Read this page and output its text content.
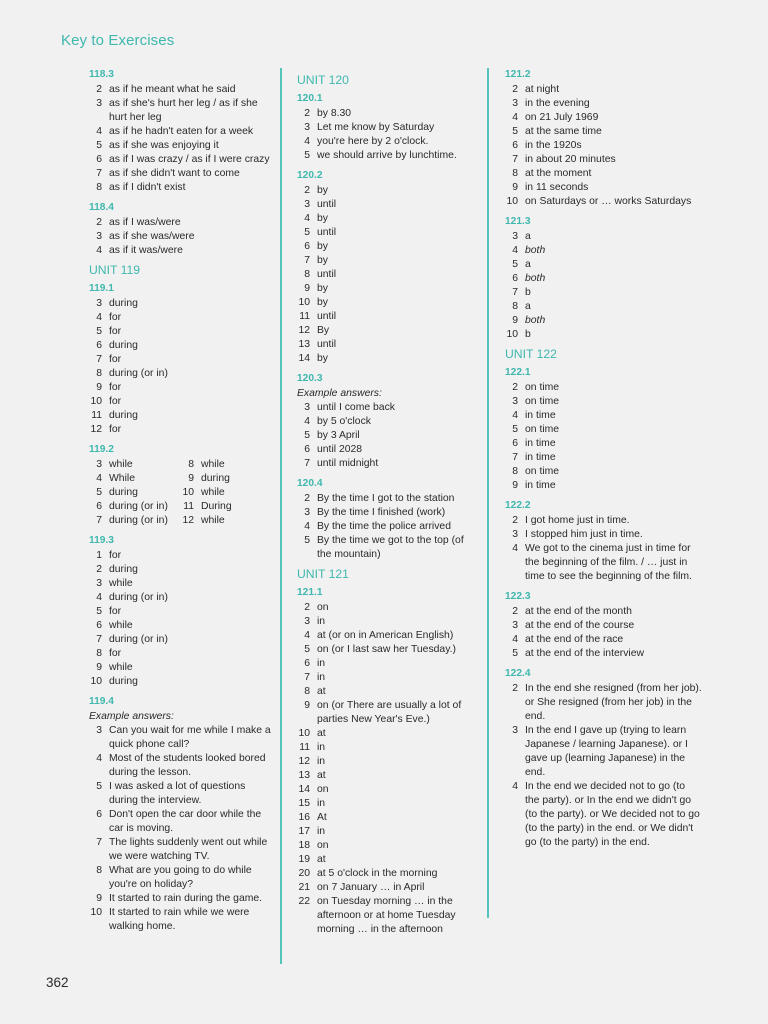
Key to Exercises
118.3
2 as if he meant what he said
3 as if she's hurt her leg / as if she hurt her leg
4 as if he hadn't eaten for a week
5 as if she was enjoying it
6 as if I was crazy / as if I were crazy
7 as if she didn't want to come
8 as if I didn't exist
118.4
2 as if I was/were
3 as if she was/were
4 as if it was/were
UNIT 119
119.1
3 during
4 for
5 for
6 during
7 for
8 during (or in)
9 for
10 for
11 during
12 for
119.2
3 while	8 while
4 While	9 during
5 during	10 while
6 during (or in)	11 During
7 during (or in)	12 while
119.3
1 for
2 during
3 while
4 during (or in)
5 for
6 while
7 during (or in)
8 for
9 while
10 during
119.4
Example answers:
3 Can you wait for me while I make a quick phone call?
4 Most of the students looked bored during the lesson.
5 I was asked a lot of questions during the interview.
6 Don't open the car door while the car is moving.
7 The lights suddenly went out while we were watching TV.
8 What are you going to do while you're on holiday?
9 It started to rain during the game.
10 It started to rain while we were walking home.
UNIT 120
120.1
2 by 8.30
3 Let me know by Saturday
4 you're here by 2 o'clock.
5 we should arrive by lunchtime.
120.2
2 by
3 until
4 by
5 until
6 by
7 by
8 until
9 by
10 by
11 until
12 By
13 until
14 by
120.3
Example answers:
3 until I come back
4 by 5 o'clock
5 by 3 April
6 until 2028
7 until midnight
120.4
2 By the time I got to the station
3 By the time I finished (work)
4 By the time the police arrived
5 By the time we got to the top (of the mountain)
UNIT 121
121.1
2 on
3 in
4 at (or on in American English)
5 on (or I last saw her Tuesday.)
6 in
7 in
8 at
9 on (or There are usually a lot of parties New Year's Eve.)
10 at
11 in
12 in
13 at
14 on
15 in
16 At
17 in
18 on
19 at
20 at 5 o'clock in the morning
21 on 7 January … in April
22 on Tuesday morning … in the afternoon or at home Tuesday morning … in the afternoon
121.2
2 at night
3 in the evening
4 on 21 July 1969
5 at the same time
6 in the 1920s
7 in about 20 minutes
8 at the moment
9 in 11 seconds
10 on Saturdays or … works Saturdays
121.3
3 a
4 both
5 a
6 both
7 b
8 a
9 both
10 b
UNIT 122
122.1
2 on time
3 on time
4 in time
5 on time
6 in time
7 in time
8 on time
9 in time
122.2
2 I got home just in time.
3 I stopped him just in time.
4 We got to the cinema just in time for the beginning of the film. / … just in time to see the beginning of the film.
122.3
2 at the end of the month
3 at the end of the course
4 at the end of the race
5 at the end of the interview
122.4
2 In the end she resigned (from her job). or She resigned (from her job) in the end.
3 In the end I gave up (trying to learn Japanese / learning Japanese). or I gave up (learning Japanese) in the end.
4 In the end we decided not to go (to the party). or In the end we didn't go (to the party). or We decided not to go (to the party) in the end. or We didn't go (to the party) in the end.
362
